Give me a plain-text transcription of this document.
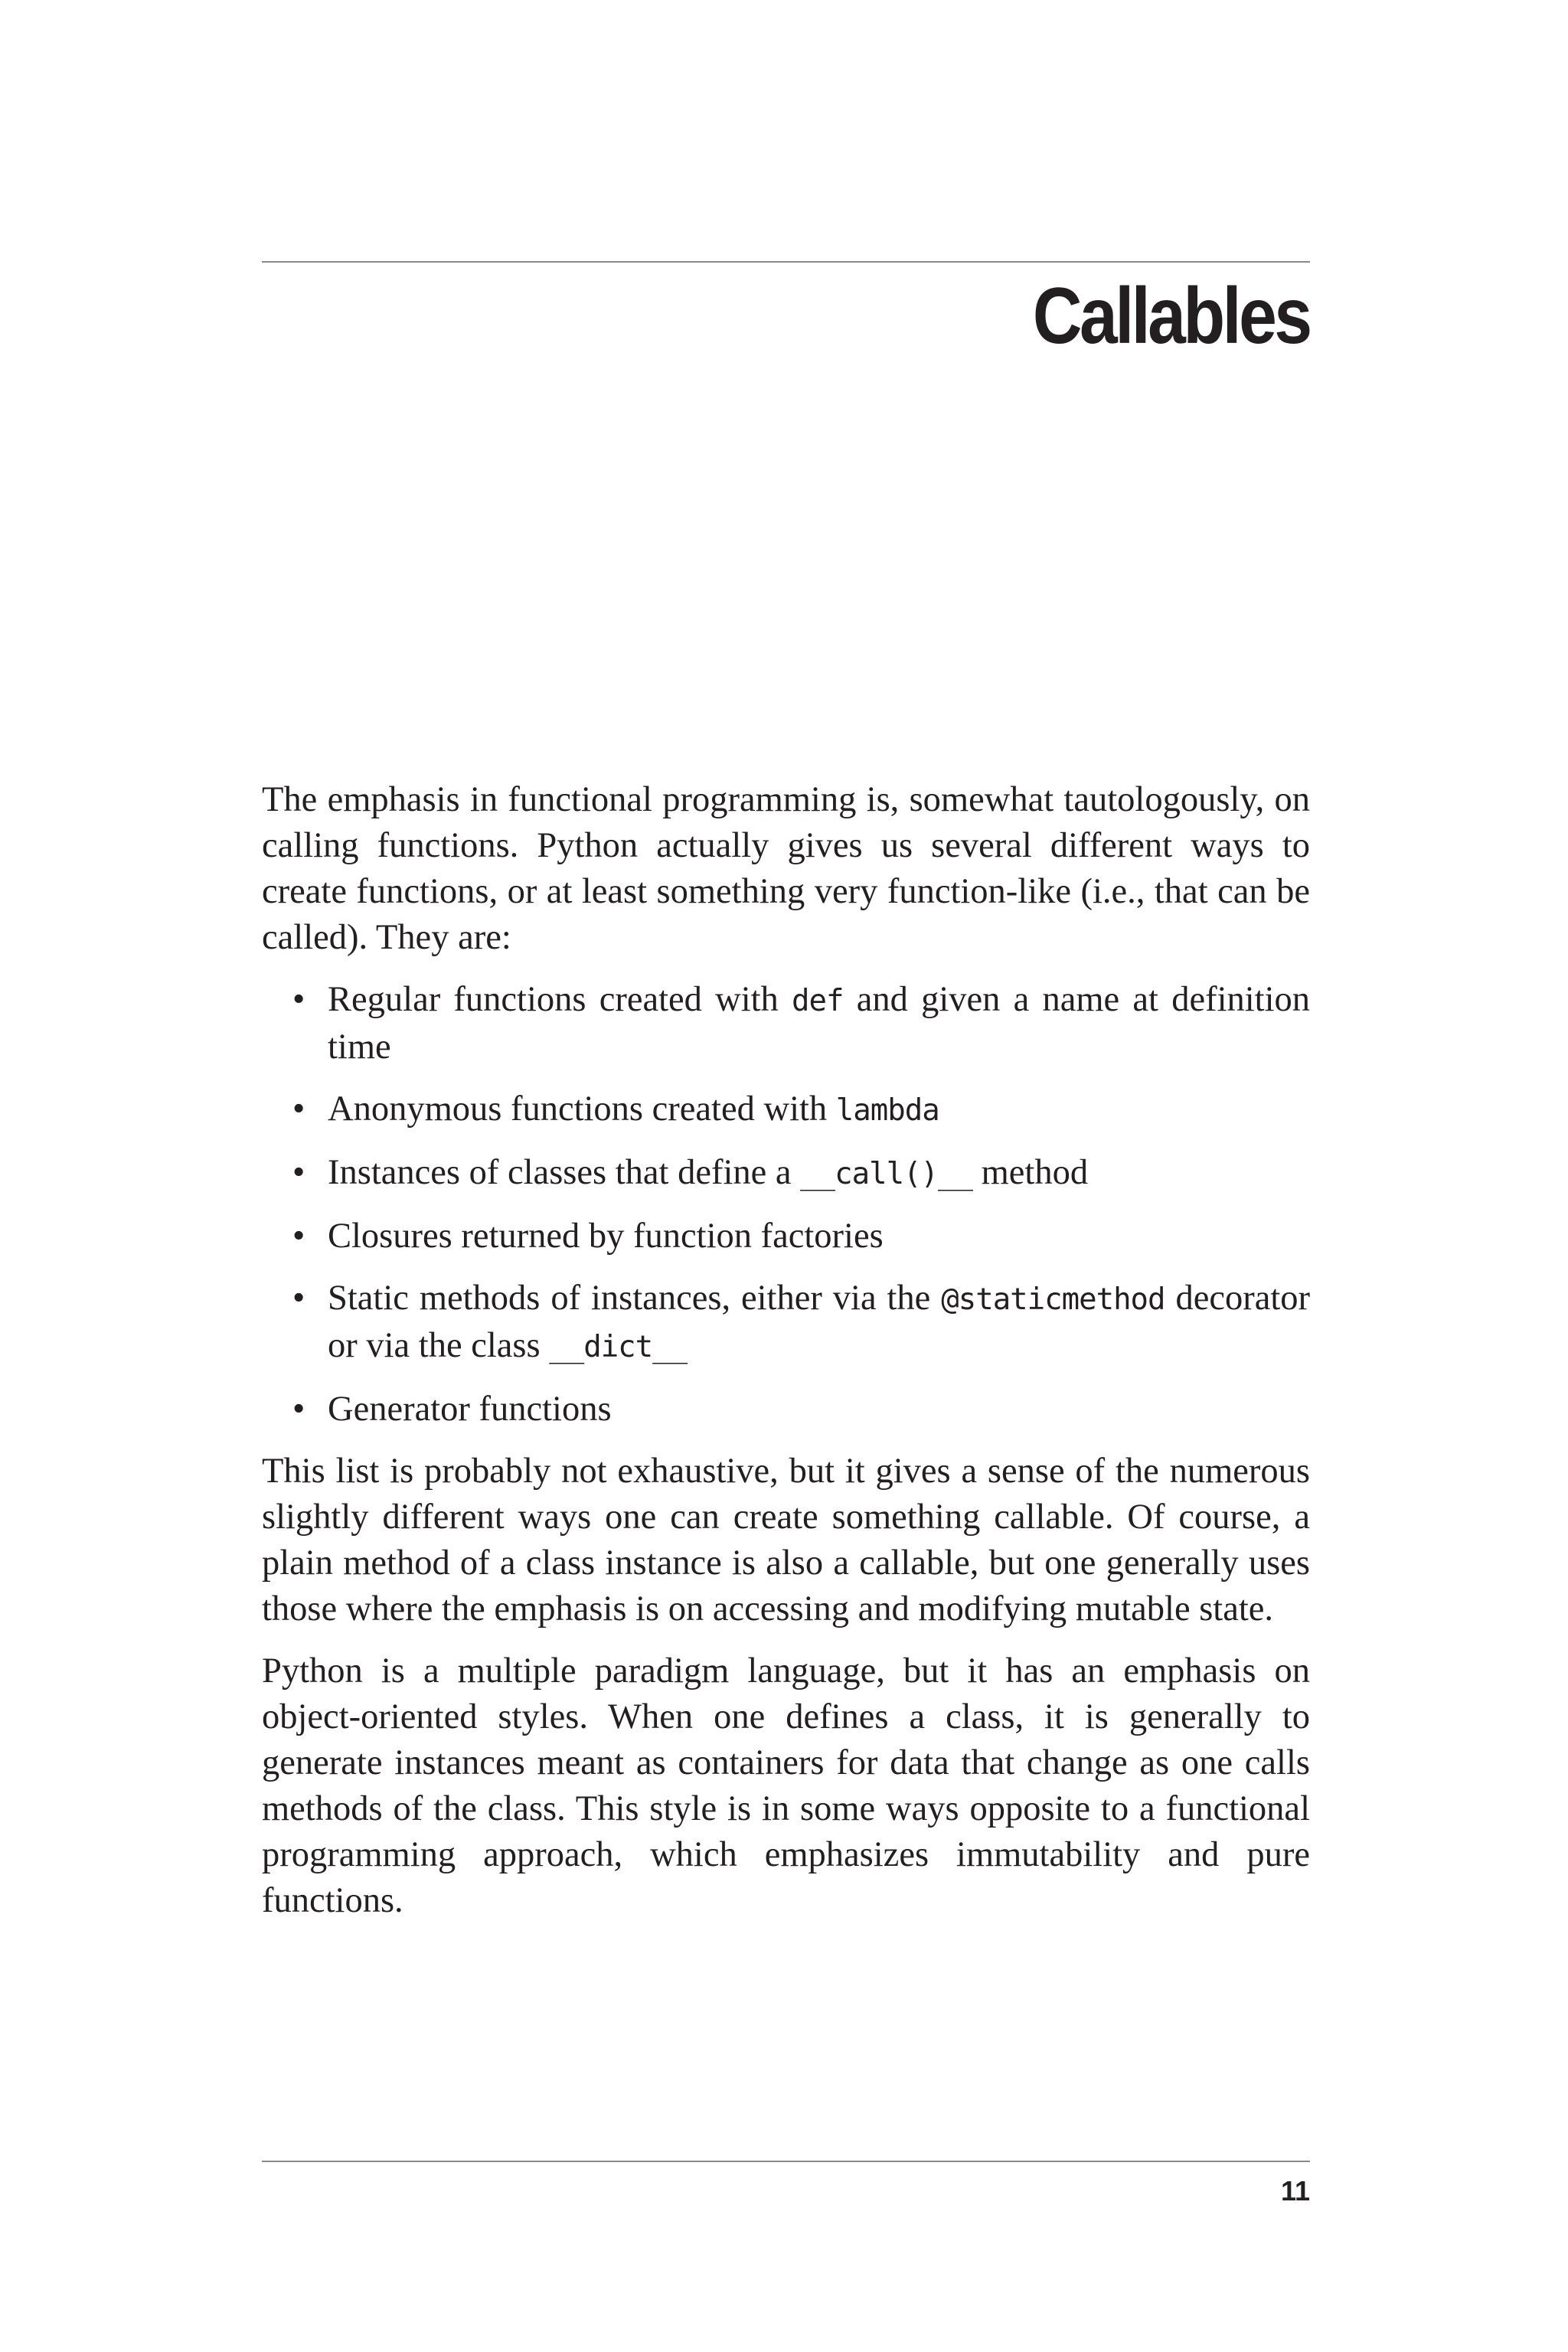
Callables

The emphasis in functional programming is, somewhat tautologously, on calling functions. Python actually gives us several different ways to create functions, or at least something very function-like (i.e., that can be called). They are:

• Regular functions created with def and given a name at definition time
• Anonymous functions created with lambda
• Instances of classes that define a __call()__ method
• Closures returned by function factories
• Static methods of instances, either via the @staticmethod decorator or via the class __dict__
• Generator functions

This list is probably not exhaustive, but it gives a sense of the numerous slightly different ways one can create something callable. Of course, a plain method of a class instance is also a callable, but one generally uses those where the emphasis is on accessing and modifying mutable state.

Python is a multiple paradigm language, but it has an emphasis on object-oriented styles. When one defines a class, it is generally to generate instances meant as containers for data that change as one calls methods of the class. This style is in some ways opposite to a functional programming approach, which emphasizes immutability and pure functions.

11
